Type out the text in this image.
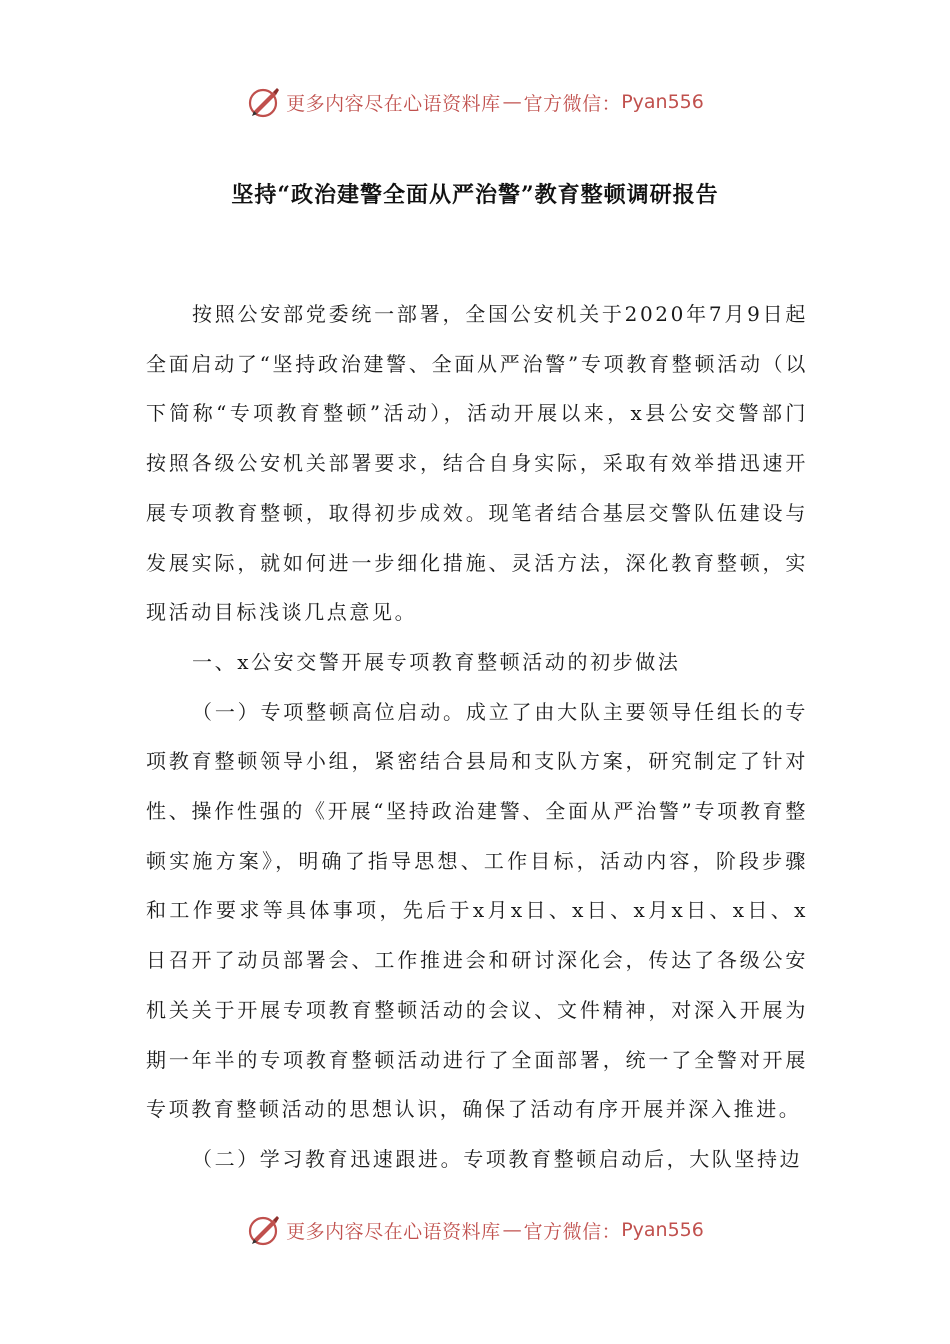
更多内容尽在心语资料库 — 官方微信： Pyan556
坚持“政治建警全面从严治警”教育整顿调研报告

按照公安部党委统一部署，全国公安机关于2020年7月9日起全面启动了“坚持政治建警、全面从严治警”专项教育整顿活动（以下简称“专项教育整顿”活动），活动开展以来，x县公安交警部门按照各级公安机关部署要求，结合自身实际，采取有效举措迅速开展专项教育整顿，取得初步成效。现笔者结合基层交警队伍建设与发展实际，就如何进一步细化措施、灵活方法，深化教育整顿，实现活动目标浅谈几点意见。

一、x公安交警开展专项教育整顿活动的初步做法

（一）专项整顿高位启动。成立了由大队主要领导任组长的专项教育整顿领导小组，紧密结合县局和支队方案，研究制定了针对性、操作性强的《开展“坚持政治建警、全面从严治警”专项教育整顿实施方案》，明确了指导思想、工作目标，活动内容，阶段步骤和工作要求等具体事项，先后于x月x日、x日、x月x日、x日、x日召开了动员部署会、工作推进会和研讨深化会，传达了各级公安机关关于开展专项教育整顿活动的会议、文件精神，对深入开展为期一年半的专项教育整顿活动进行了全面部署，统一了全警对开展专项教育整顿活动的思想认识，确保了活动有序开展并深入推进。

（二）学习教育迅速跟进。专项教育整顿启动后，大队坚持边

更多内容尽在心语资料库 — 官方微信： Pyan556
